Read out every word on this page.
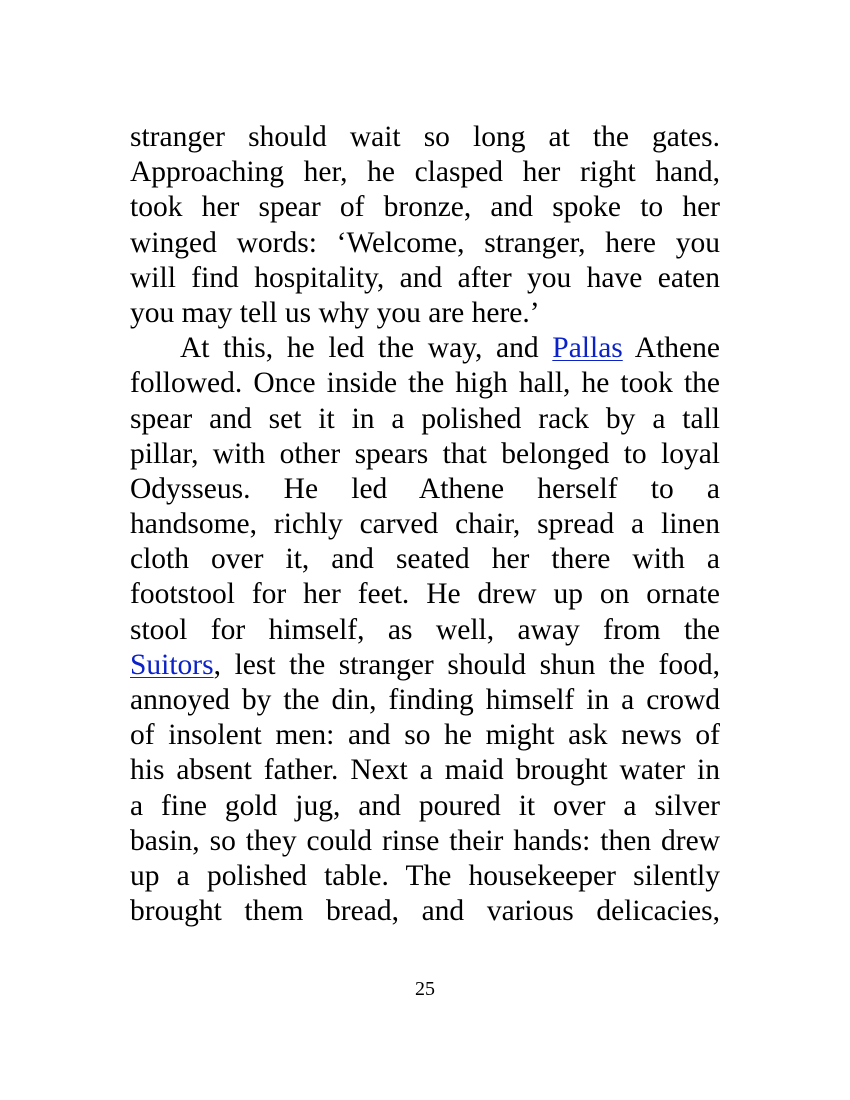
stranger should wait so long at the gates.
Approaching her, he clasped her right hand,
took her spear of bronze, and spoke to her
winged words: ‘Welcome, stranger, here you
will find hospitality, and after you have eaten
you may tell us why you are here.’
At this, he led the way, and Pallas Athene
followed. Once inside the high hall, he took the
spear and set it in a polished rack by a tall
pillar, with other spears that belonged to loyal
Odysseus. He led Athene herself to a
handsome, richly carved chair, spread a linen
cloth over it, and seated her there with a
footstool for her feet. He drew up on ornate
stool for himself, as well, away from the
Suitors, lest the stranger should shun the food,
annoyed by the din, finding himself in a crowd
of insolent men: and so he might ask news of
his absent father. Next a maid brought water in
a fine gold jug, and poured it over a silver
basin, so they could rinse their hands: then drew
up a polished table. The housekeeper silently
brought them bread, and various delicacies,
25
